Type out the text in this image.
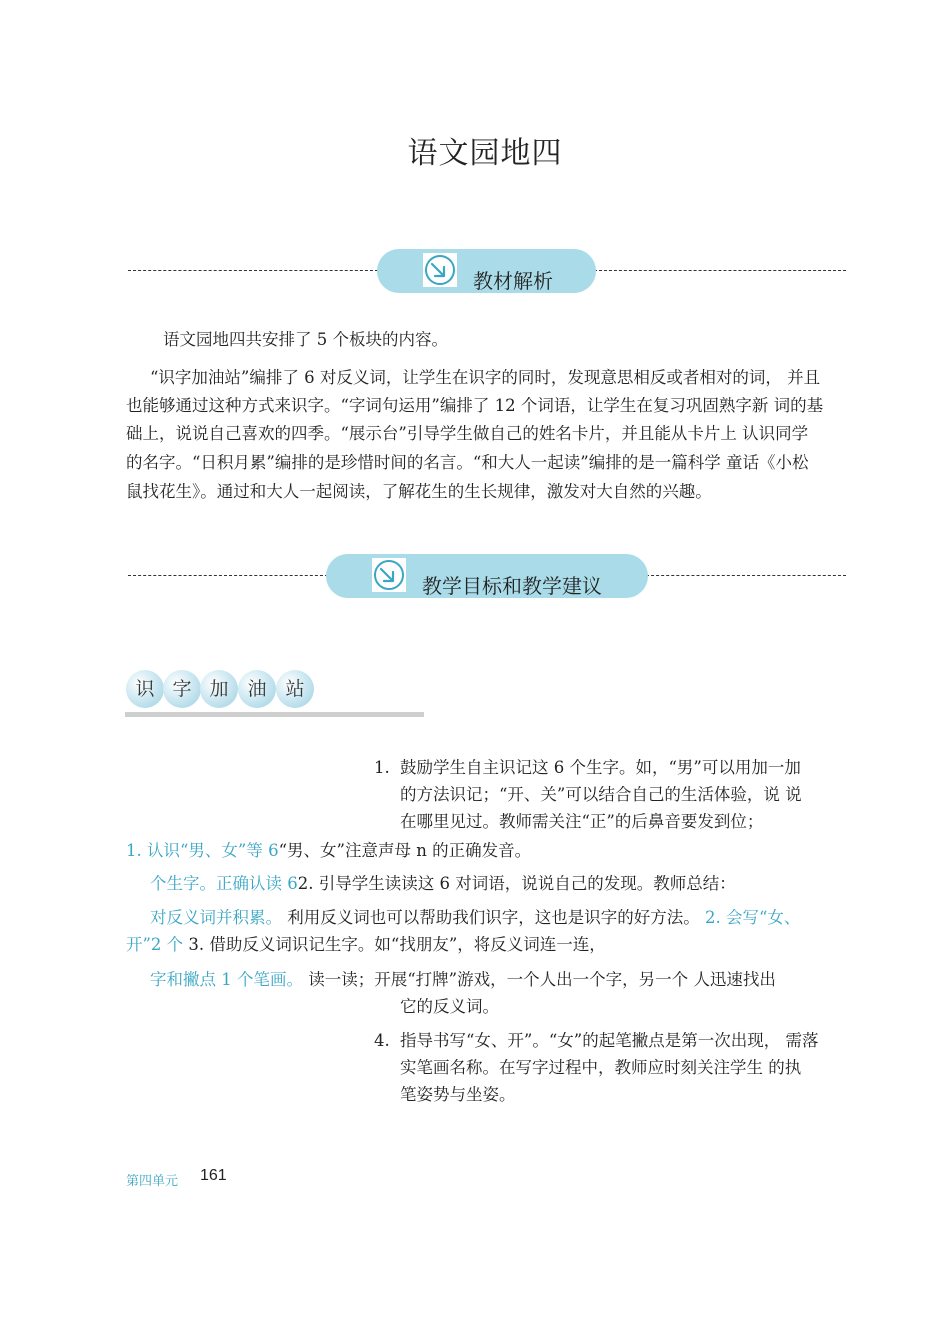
语文园地四
教材解析

语文园地四共安排了 5 个板块的内容。

“识字加油站”编排了 6 对反义词，让学生在识字的同时，发现意思相反或者相对的词， 并且

也能够通过这种方式来识字。“字词句运用”编排了 12 个词语，让学生在复习巩固熟字新 词的基

础上，说说自己喜欢的四季。“展示台”引导学生做自己的姓名卡片，并且能从卡片上 认识同学

的名字。“日积月累”编排的是珍惜时间的名言。“和大人一起读”编排的是一篇科学 童话《小松

鼠找花生》。通过和大人一起阅读，了解花生的生长规律，激发对大自然的兴趣。

教学目标和教学建议
识 字 加 油 站
1. 鼓励学生自主识记这 6 个生字。如，“男”可以用加一加
的方法识记；“开、关”可以结合自己的生活体验，说 说
在哪里见过。教师需关注“正”的后鼻音要发到位；

1. 认识“男、女”等 6“男、女”注意声母 n 的正确发音。

个生字。正确认读 62. 引导学生读读这 6 对词语，说说自己的发现。教师总结：

对反义词并积累。 利用反义词也可以帮助我们识字，这也是识字的好方法。 2. 会写“女、

开”2 个 3. 借助反义词识记生字。如“找朋友”，将反义词连一连，

字和撇点 1 个笔画。 读一读；开展“打牌”游戏，一个人出一个字，另一个 人迅速找出

它的反义词。

4. 指导书写“女、开”。“女”的起笔撇点是第一次出现， 需落
实笔画名称。在写字过程中，教师应时刻关注学生 的执
笔姿势与坐姿。
第四单元 161
